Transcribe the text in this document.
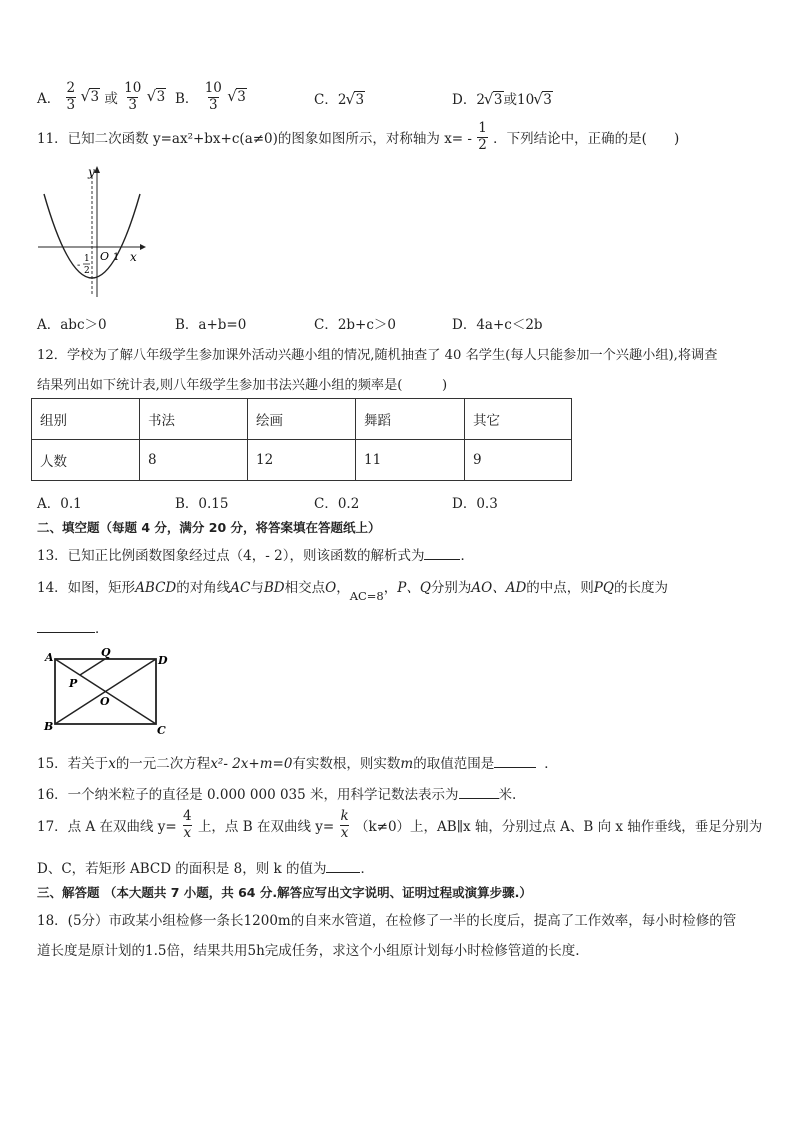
A． $\frac{2}{3}$ √ 3 或 $\frac{10}{3}$ √ 3 B． $\frac{10}{3}$ √ 3	C．2 √ 3	D．2 √ 3或10 √ 3
11．已知二次函数 y=ax²+bx+c(a≠0)的图象如图所示，对称轴为 $x= - \frac{1}{2}$ ．下列结论中，正确的是(　　)
y
x
O 1
-
1
2
A．abc＞0	B．a+b=0	C．2b+c＞0	D．4a+c＜2b
12．学校为了解八年级学生参加课外活动兴趣小组的情况,随机抽查了 40 名学生(每人只能参加一个兴趣小组),将调查
结果列出如下统计表,则八年级学生参加书法兴趣小组的频率是(　　　)
组别	书法	绘画	舞蹈	其它
人数	8	12	11	9
A．0.1	B．0.15	C．0.2	D．0.3
二、填空题（每题 4 分，满分 20 分，将答案填在答题纸上）
13．已知正比例函数图象经过点（4，- 2），则该函数的解析式为	．
14．如图，矩形ABCD的对角线AC与BD相交点O，AC=8，P、Q分别为AO、AD的中点，则PQ的长度为
．
A	Q
D
P
O
B	C
15．若关于x的一元二次方程x²- 2x+m=0有实数根，则实数m的取值范围是	．
16．一个纳米粒子的直径是 0.000 000 035 米，用科学记数法表示为	米.
17．点 A 在双曲线 $y= \frac{4}{x}$ 上，点 B 在双曲线 $y= \frac{k}{x} (k\ne 0)$上，AB∥x 轴，分别过点 A、B 向 x 轴作垂线，垂足分别为
D、C，若矩形 ABCD 的面积是 8，则 k 的值为	．
三、解答题 （本大题共 7 小题，共 64 分.解答应写出文字说明、证明过程或演算步骤.）
18．(5分）市政某小组检修一条长1200m的自来水管道，在检修了一半的长度后，提高了工作效率，每小时检修的管
道长度是原计划的1.5倍，结果共用5h完成任务，求这个小组原计划每小时检修管道的长度.
